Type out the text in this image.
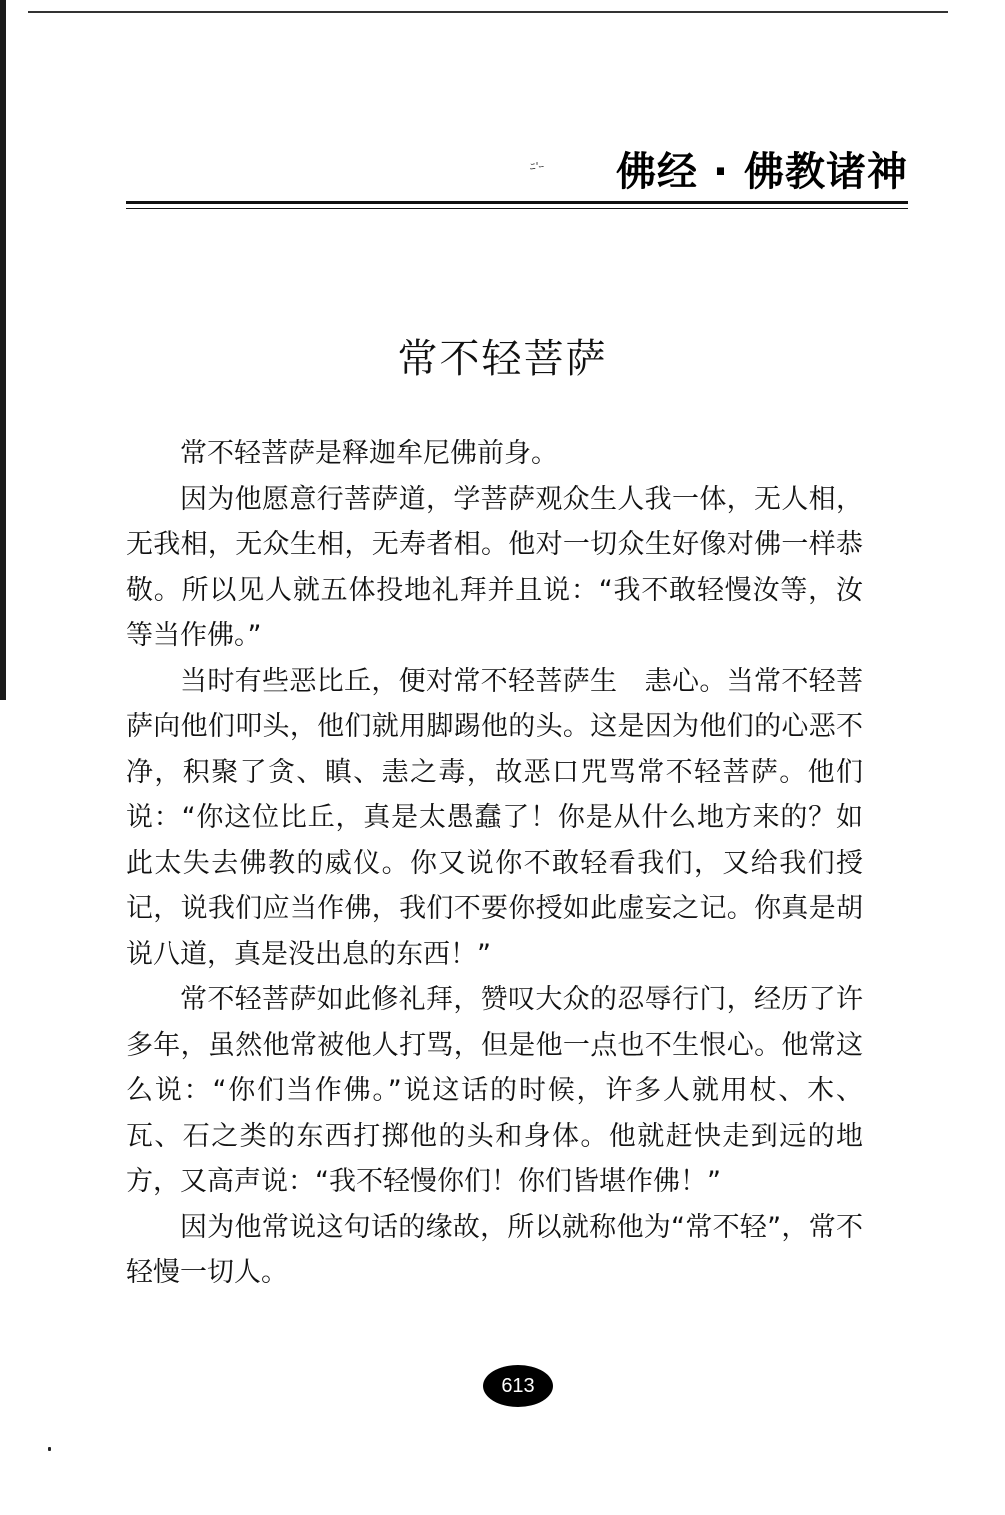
ﾆ'ｰ 佛经 · 佛教诸神
常不轻菩萨

常不轻菩萨是释迦牟尼佛前身。

因为他愿意行菩萨道，学菩萨观众生人我一体，无人相，无我相，无众生相，无寿者相。他对一切众生好像对佛一样恭敬。所以见人就五体投地礼拜并且说：“我不敢轻慢汝等，汝等当作佛。”

当时有些恶比丘，便对常不轻菩萨生　恚心。当常不轻菩萨向他们叩头，他们就用脚踢他的头。这是因为他们的心恶不净，积聚了贪、瞋、恚之毒，故恶口咒骂常不轻菩萨。他们说：“你这位比丘，真是太愚蠢了！你是从什么地方来的？如此太失去佛教的威仪。你又说你不敢轻看我们，又给我们授记，说我们应当作佛，我们不要你授如此虚妄之记。你真是胡说八道，真是没出息的东西！”

常不轻菩萨如此修礼拜，赞叹大众的忍辱行门，经历了许多年，虽然他常被他人打骂，但是他一点也不生恨心。他常这么说：“你们当作佛。”说这话的时候，许多人就用杖、木、瓦、石之类的东西打掷他的头和身体。他就赶快走到远的地方，又高声说：“我不轻慢你们！你们皆堪作佛！”

因为他常说这句话的缘故，所以就称他为“常不轻”，常不轻慢一切人。

613
